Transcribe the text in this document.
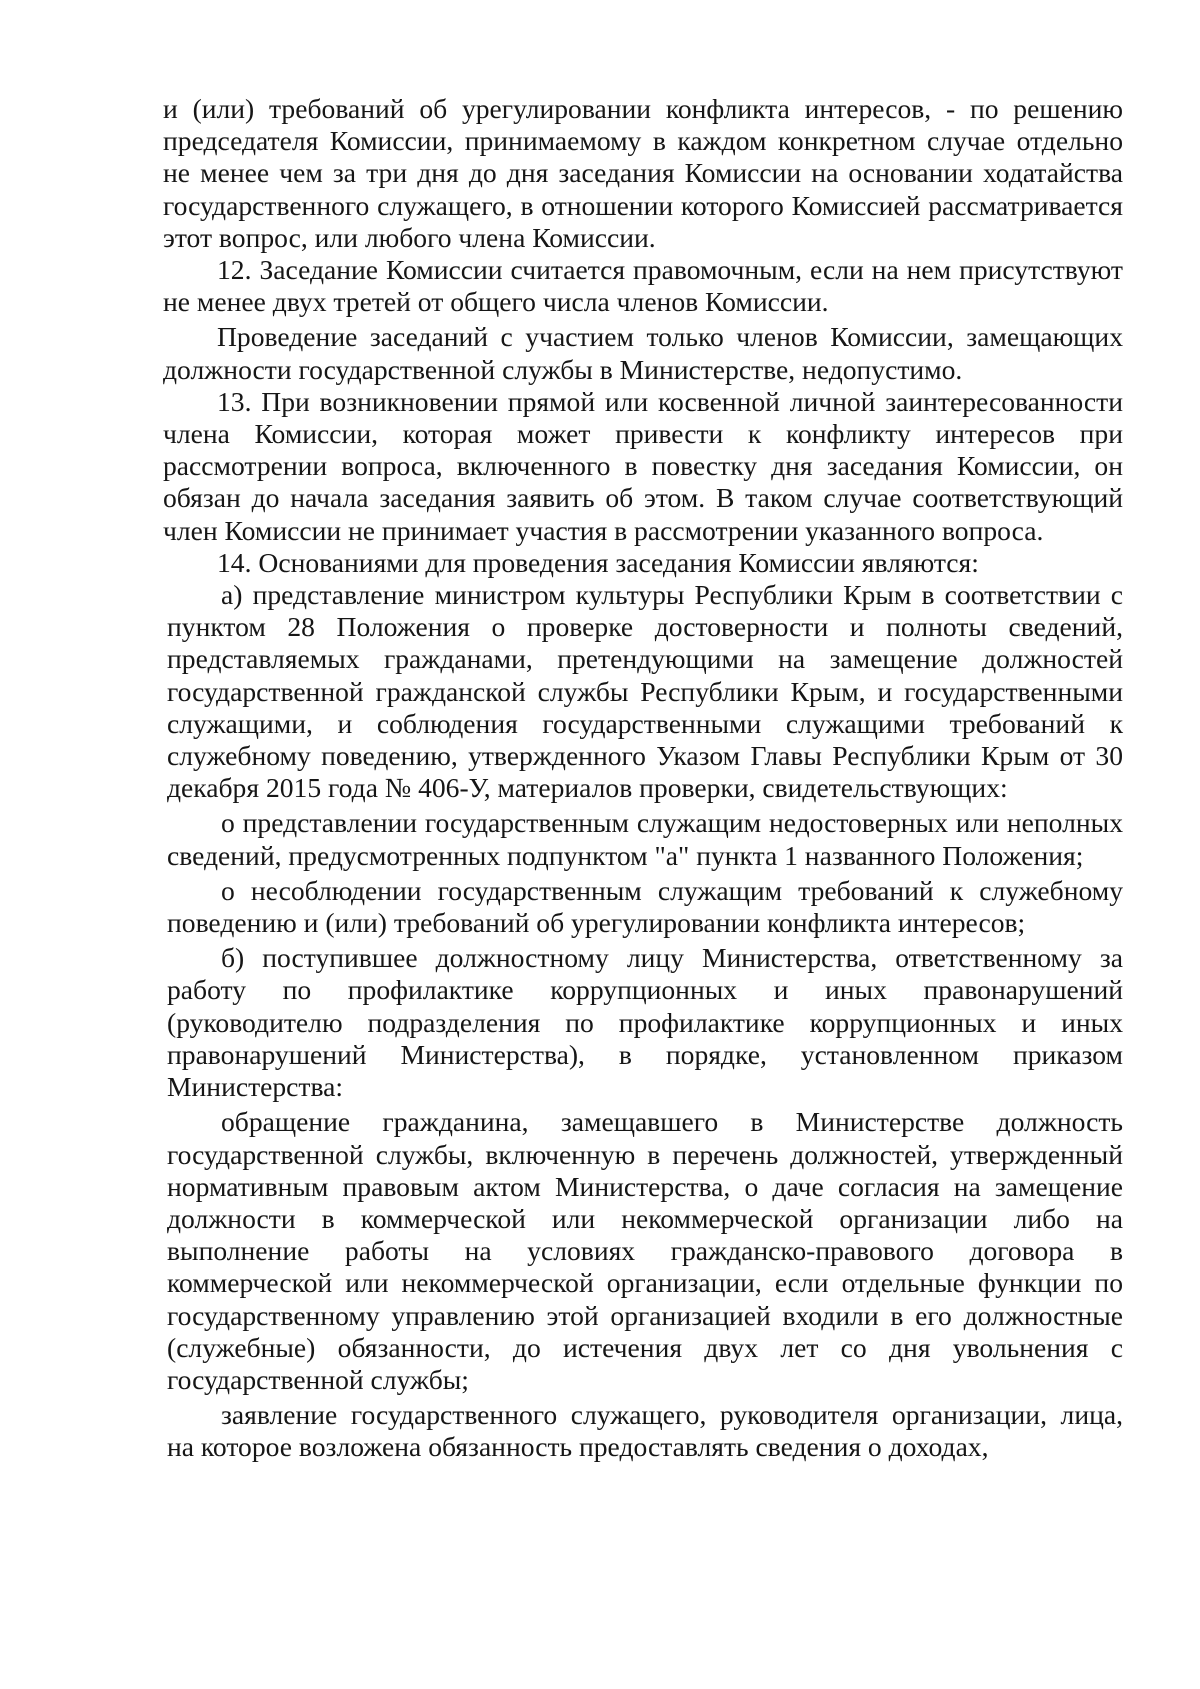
и (или) требований об урегулировании конфликта интересов, - по решению председателя Комиссии, принимаемому в каждом конкретном случае отдельно не менее чем за три дня до дня заседания Комиссии на основании ходатайства государственного служащего, в отношении которого Комиссией рассматривается этот вопрос, или любого члена Комиссии.

12. Заседание Комиссии считается правомочным, если на нем присутствуют не менее двух третей от общего числа членов Комиссии.

Проведение заседаний с участием только членов Комиссии, замещающих должности государственной службы в Министерстве, недопустимо.

13. При возникновении прямой или косвенной личной заинтересованности члена Комиссии, которая может привести к конфликту интересов при рассмотрении вопроса, включенного в повестку дня заседания Комиссии, он обязан до начала заседания заявить об этом. В таком случае соответствующий член Комиссии не принимает участия в рассмотрении указанного вопроса.

14. Основаниями для проведения заседания Комиссии являются:

а) представление министром культуры Республики Крым в соответствии с пунктом 28 Положения о проверке достоверности и полноты сведений, представляемых гражданами, претендующими на замещение должностей государственной гражданской службы Республики Крым, и государственными служащими, и соблюдения государственными служащими требований к служебному поведению, утвержденного Указом Главы Республики Крым от 30 декабря 2015 года № 406-У, материалов проверки, свидетельствующих:

о представлении государственным служащим недостоверных или неполных сведений, предусмотренных подпунктом "а" пункта 1 названного Положения;

о несоблюдении государственным служащим требований к служебному поведению и (или) требований об урегулировании конфликта интересов;

б) поступившее должностному лицу Министерства, ответственному за работу по профилактике коррупционных и иных правонарушений (руководителю подразделения по профилактике коррупционных и иных правонарушений Министерства), в порядке, установленном приказом Министерства:

обращение гражданина, замещавшего в Министерстве должность государственной службы, включенную в перечень должностей, утвержденный нормативным правовым актом Министерства, о даче согласия на замещение должности в коммерческой или некоммерческой организации либо на выполнение работы на условиях гражданско-правового договора в коммерческой или некоммерческой организации, если отдельные функции по государственному управлению этой организацией входили в его должностные (служебные) обязанности, до истечения двух лет со дня увольнения с государственной службы;

заявление государственного служащего, руководителя организации, лица, на которое возложена обязанность предоставлять сведения о доходах,
